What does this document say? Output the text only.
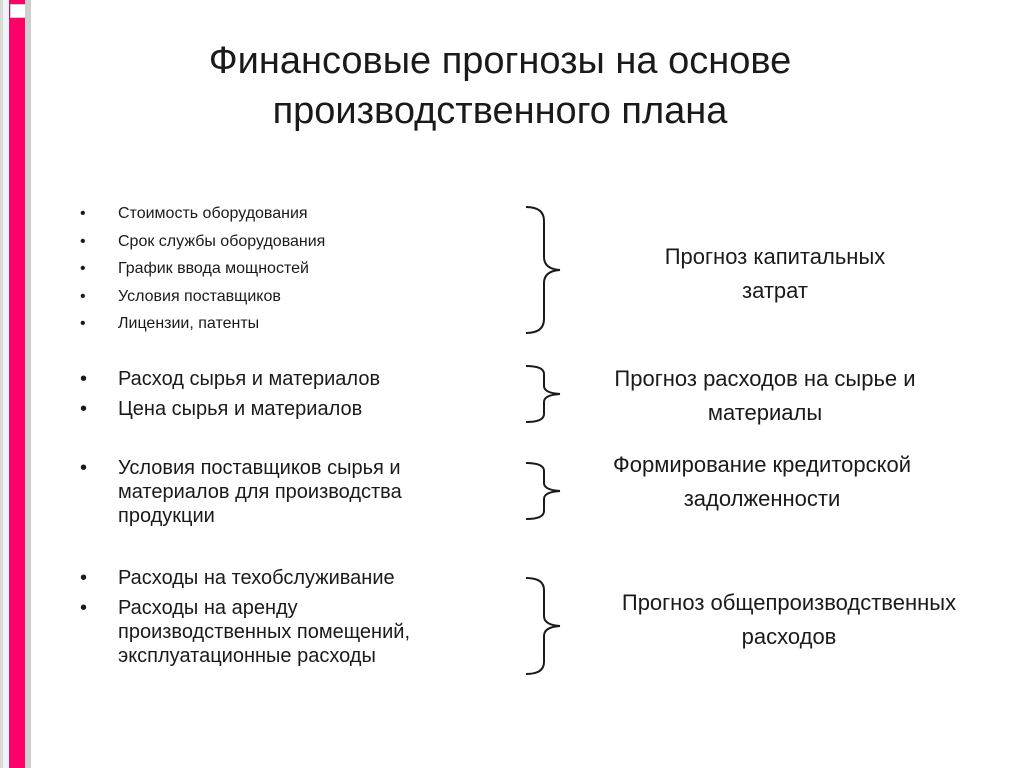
Финансовые прогнозы на основе
производственного плана
• Стоимость оборудования
• Срок службы оборудования
• График ввода мощностей
• Условия поставщиков
• Лицензии, патенты
Прогноз капитальных
затрат
• Расход сырья и материалов
• Цена сырья и материалов
Прогноз расходов на сырье и
материалы
• Условия поставщиков сырья и материалов для производства продукции
Формирование кредиторской
задолженности
• Расходы на техобслуживание
• Расходы на аренду производственных помещений, эксплуатационные расходы
Прогноз общепроизводственных
расходов
